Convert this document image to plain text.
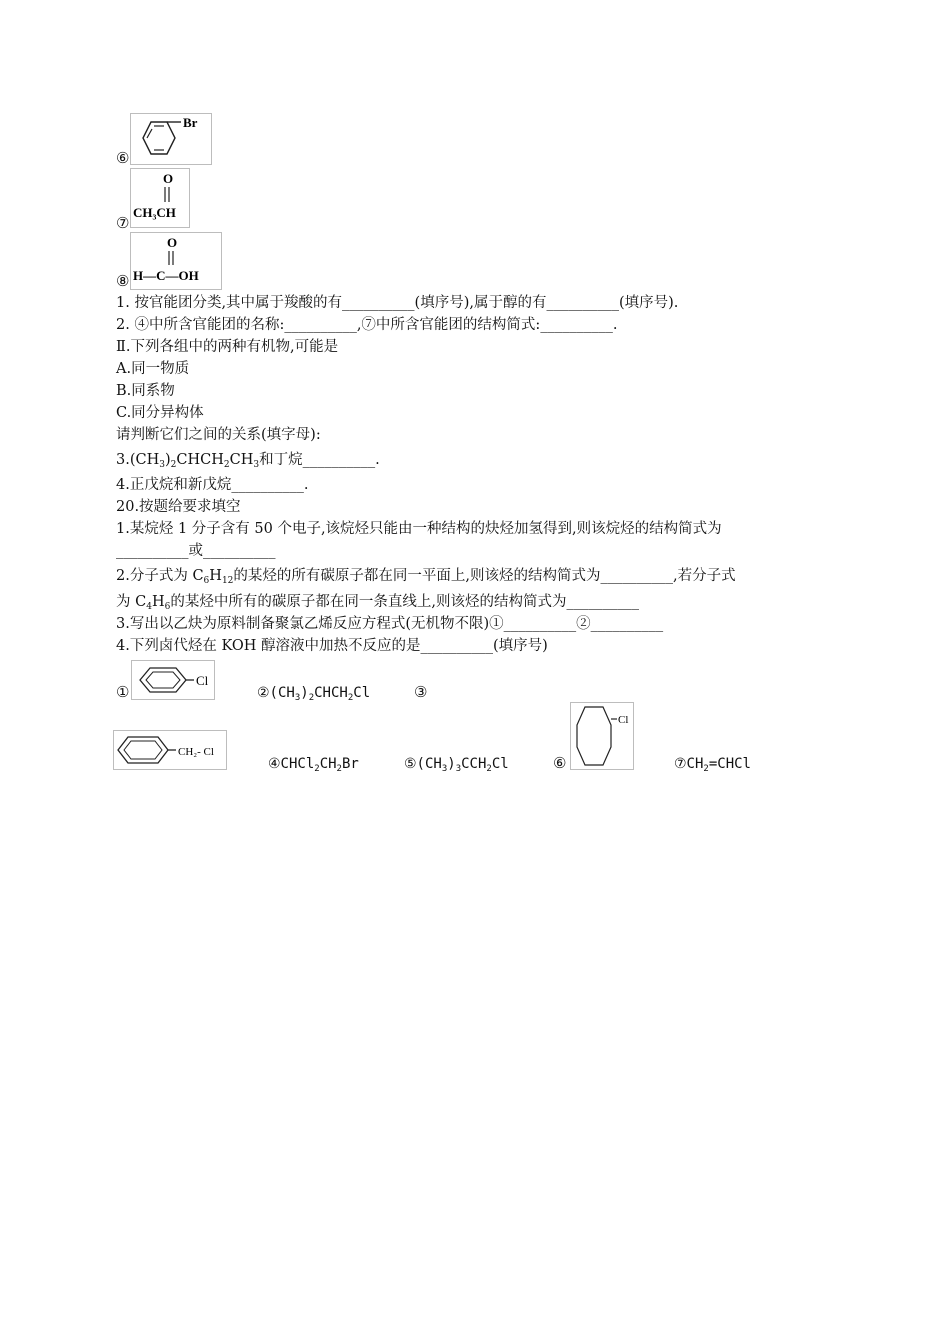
Br
⑥
O
CH₃CH
⑦
O
H—C—OH
⑧
1. 按官能团分类,其中属于羧酸的有__________(填序号),属于醇的有__________(填序号).
2. ④中所含官能团的名称:__________,⑦中所含官能团的结构简式:__________.
Ⅱ.下列各组中的两种有机物,可能是
A.同一物质
B.同系物
C.同分异构体
请判断它们之间的关系(填字母):
$3.(CH_3)_2CHCH_2CH_3$和丁烷__________.
4.正戊烷和新戊烷__________.
20.按题给要求填空
1.某烷烃 1 分子含有 50 个电子,该烷烃只能由一种结构的炔烃加氢得到,则该烷烃的结构简式为
__________或__________
2.分子式为 $C_6H_{12}$的某烃的所有碳原子都在同一平面上,则该烃的结构简式为__________,若分子式
为 $C_4H_6$的某烃中所有的碳原子都在同一条直线上,则该烃的结构简式为__________
3.写出以乙炔为原料制备聚氯乙烯反应方程式(无机物不限)①__________②__________
4.下列卤代烃在 KOH 醇溶液中加热不反应的是__________(填序号)
①
Cl
$②(CH_3)_2CHCH_2Cl$	③
CH₂- Cl
$④CHCl_2CH_2Br$	$⑤(CH_3)_3CCH_2Cl$	⑥
Cl
$⑦CH_2=CHCl$
